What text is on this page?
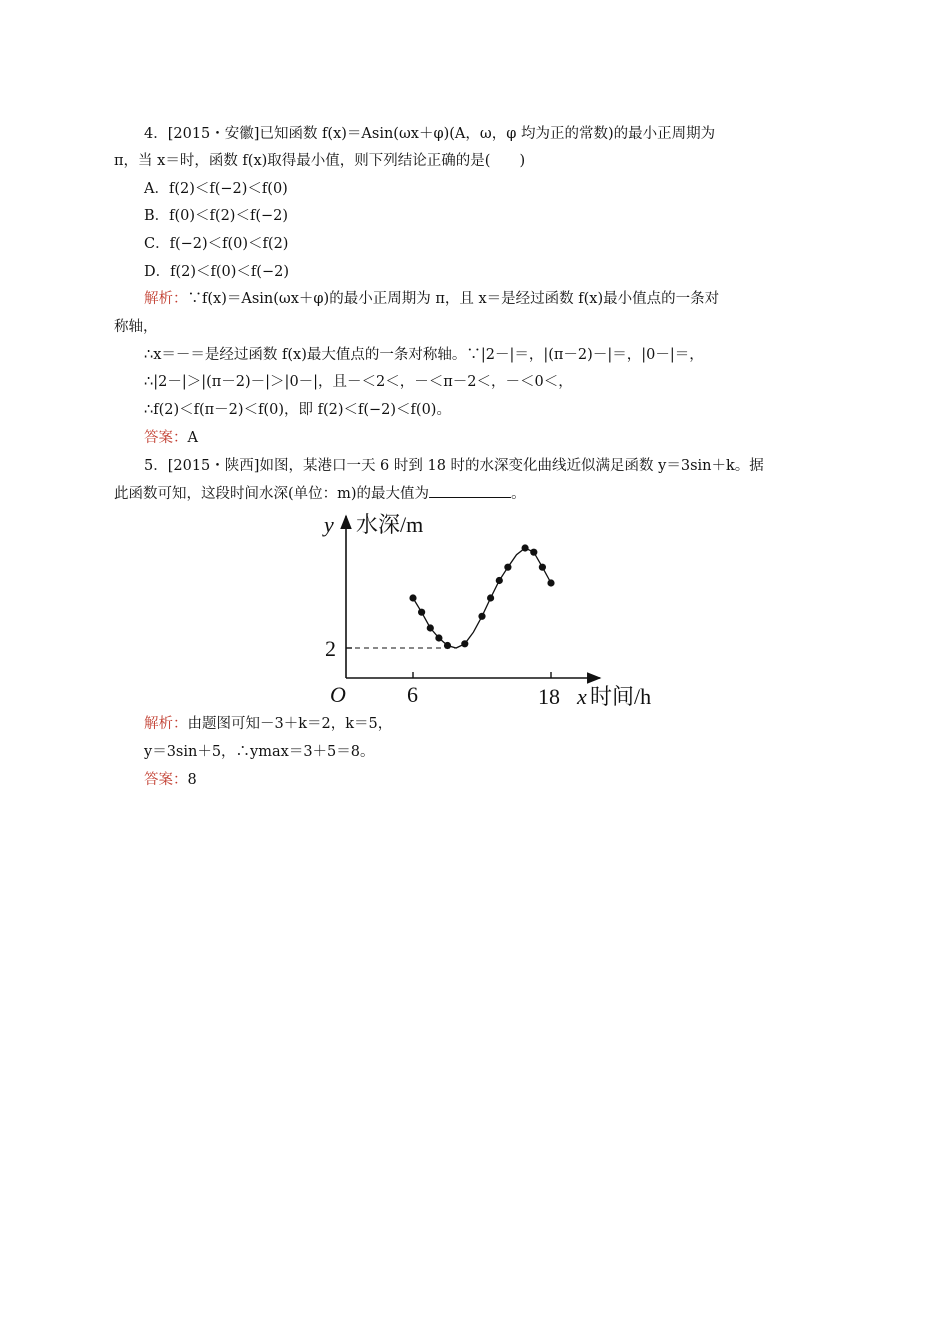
4．[2015・安徽]已知函数 f(x)＝Asin(ωx＋φ)(A，ω，φ 均为正的常数)的最小正周期为
π，当 x＝时，函数 f(x)取得最小值，则下列结论正确的是(　　)
A．f(2)＜f(−2)＜f(0)
B．f(0)＜f(2)＜f(−2)
C．f(−2)＜f(0)＜f(2)
D．f(2)＜f(0)＜f(−2)
解析：∵f(x)＝Asin(ωx＋φ)的最小正周期为 π，且 x＝是经过函数 f(x)最小值点的一条对
称轴，
∴x＝－＝是经过函数 f(x)最大值点的一条对称轴。∵|2－|＝，|(π－2)－|＝，|0－|＝，
∴|2－|＞|(π－2)－|＞|0－|，且－＜2＜，－＜π－2＜，－＜0＜，
∴f(2)＜f(π－2)＜f(0)，即 f(2)＜f(−2)＜f(0)。
答案：A
5．[2015・陕西]如图，某港口一天 6 时到 18 时的水深变化曲线近似满足函数 y＝3sin＋k。据
此函数可知，这段时间水深(单位：m)的最大值为	。
y 水深/m
2
O	6	18 x 时间/h
解析：由题图可知－3＋k＝2，k＝5，
y＝3sin＋5，∴ymax＝3＋5＝8。
答案：8
